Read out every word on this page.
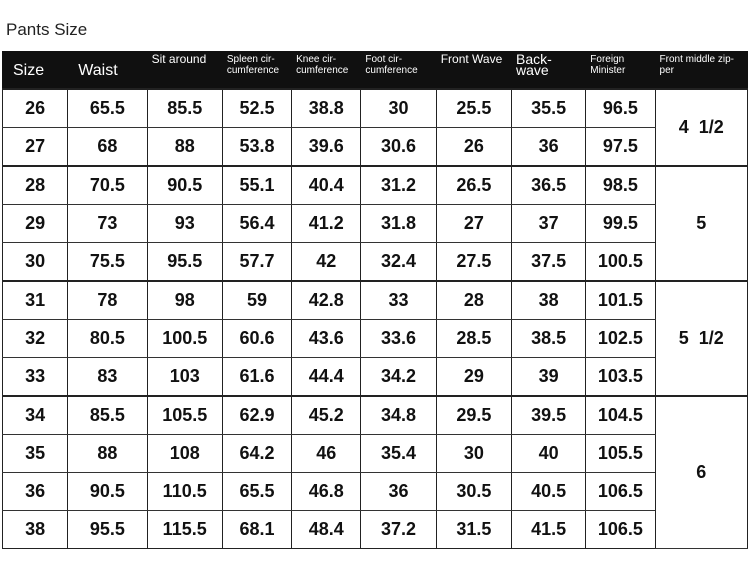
Pants Size
Size	Waist	Sit around	Spleen cir-cumference	Knee cir-cumference	Foot cir-cumference	Front Wave	Back-wave	Foreign Minister	Front middle zip-per
26	65.5	85.5	52.5	38.8	30	25.5	35.5	96.5	4  1/2
27	68	88	53.8	39.6	30.6	26	36	97.5	
28	70.5	90.5	55.1	40.4	31.2	26.5	36.5	98.5	5
29	73	93	56.4	41.2	31.8	27	37	99.5	
30	75.5	95.5	57.7	42	32.4	27.5	37.5	100.5	
31	78	98	59	42.8	33	28	38	101.5	5  1/2
32	80.5	100.5	60.6	43.6	33.6	28.5	38.5	102.5	
33	83	103	61.6	44.4	34.2	29	39	103.5	
34	85.5	105.5	62.9	45.2	34.8	29.5	39.5	104.5	6
35	88	108	64.2	46	35.4	30	40	105.5	
36	90.5	110.5	65.5	46.8	36	30.5	40.5	106.5	
38	95.5	115.5	68.1	48.4	37.2	31.5	41.5	106.5	
